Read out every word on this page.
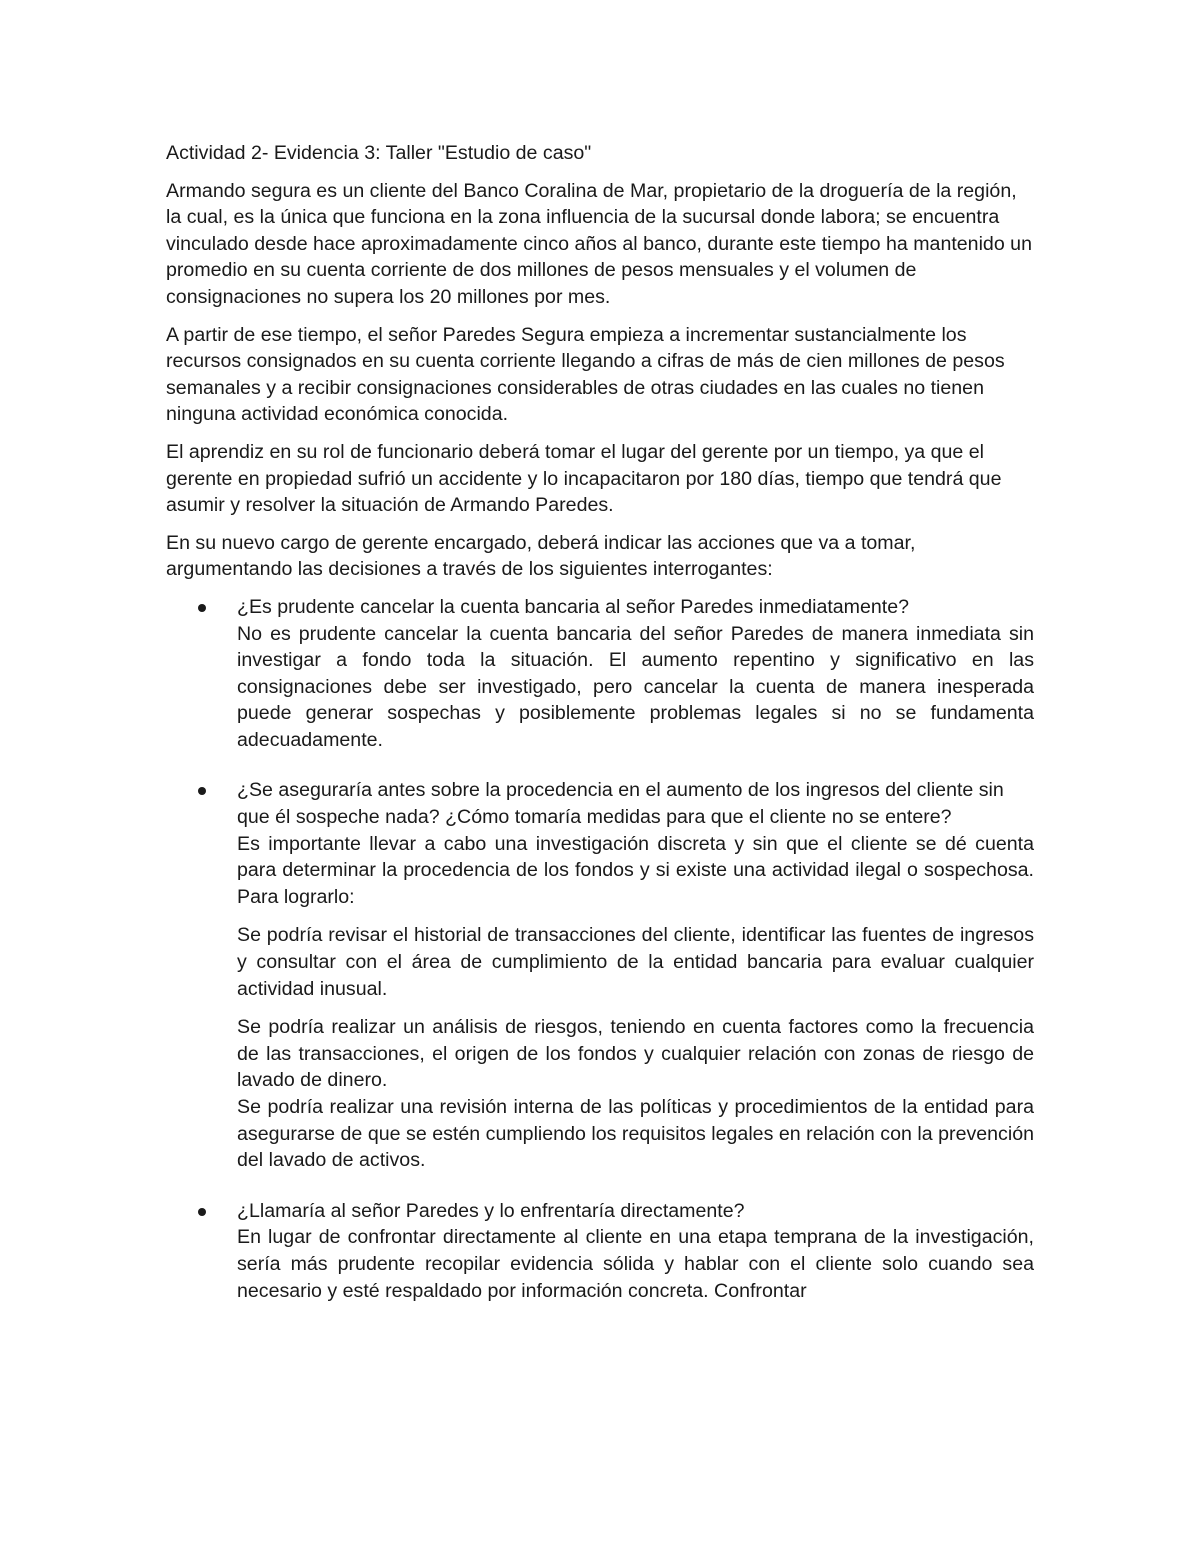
Actividad 2- Evidencia 3: Taller "Estudio de caso"

Armando segura es un cliente del Banco Coralina de Mar, propietario de la droguería de la región, la cual, es la única que funciona en la zona influencia de la sucursal donde labora; se encuentra vinculado desde hace aproximadamente cinco años al banco, durante este tiempo ha mantenido un promedio en su cuenta corriente de dos millones de pesos mensuales y el volumen de consignaciones no supera los 20 millones por mes.

A partir de ese tiempo, el señor Paredes Segura empieza a incrementar sustancialmente los recursos consignados en su cuenta corriente llegando a cifras de más de cien millones de pesos semanales y a recibir consignaciones considerables de otras ciudades en las cuales no tienen ninguna actividad económica conocida.

El aprendiz en su rol de funcionario deberá tomar el lugar del gerente por un tiempo, ya que el gerente en propiedad sufrió un accidente y lo incapacitaron por 180 días, tiempo que tendrá que asumir y resolver la situación de Armando Paredes.

En su nuevo cargo de gerente encargado, deberá indicar las acciones que va a tomar, argumentando las decisiones a través de los siguientes interrogantes:

¿Es prudente cancelar la cuenta bancaria al señor Paredes inmediatamente?
No es prudente cancelar la cuenta bancaria del señor Paredes de manera inmediata sin investigar a fondo toda la situación. El aumento repentino y significativo en las consignaciones debe ser investigado, pero cancelar la cuenta de manera inesperada puede generar sospechas y posiblemente problemas legales si no se fundamenta adecuadamente.
¿Se aseguraría antes sobre la procedencia en el aumento de los ingresos del cliente sin que él sospeche nada? ¿Cómo tomaría medidas para que el cliente no se entere?
Es importante llevar a cabo una investigación discreta y sin que el cliente se dé cuenta para determinar la procedencia de los fondos y si existe una actividad ilegal o sospechosa. Para lograrlo:
Se podría revisar el historial de transacciones del cliente, identificar las fuentes de ingresos y consultar con el área de cumplimiento de la entidad bancaria para evaluar cualquier actividad inusual.
Se podría realizar un análisis de riesgos, teniendo en cuenta factores como la frecuencia de las transacciones, el origen de los fondos y cualquier relación con zonas de riesgo de lavado de dinero.
Se podría realizar una revisión interna de las políticas y procedimientos de la entidad para asegurarse de que se estén cumpliendo los requisitos legales en relación con la prevención del lavado de activos.
¿Llamaría al señor Paredes y lo enfrentaría directamente?
En lugar de confrontar directamente al cliente en una etapa temprana de la investigación, sería más prudente recopilar evidencia sólida y hablar con el cliente solo cuando sea necesario y esté respaldado por información concreta. Confrontar
